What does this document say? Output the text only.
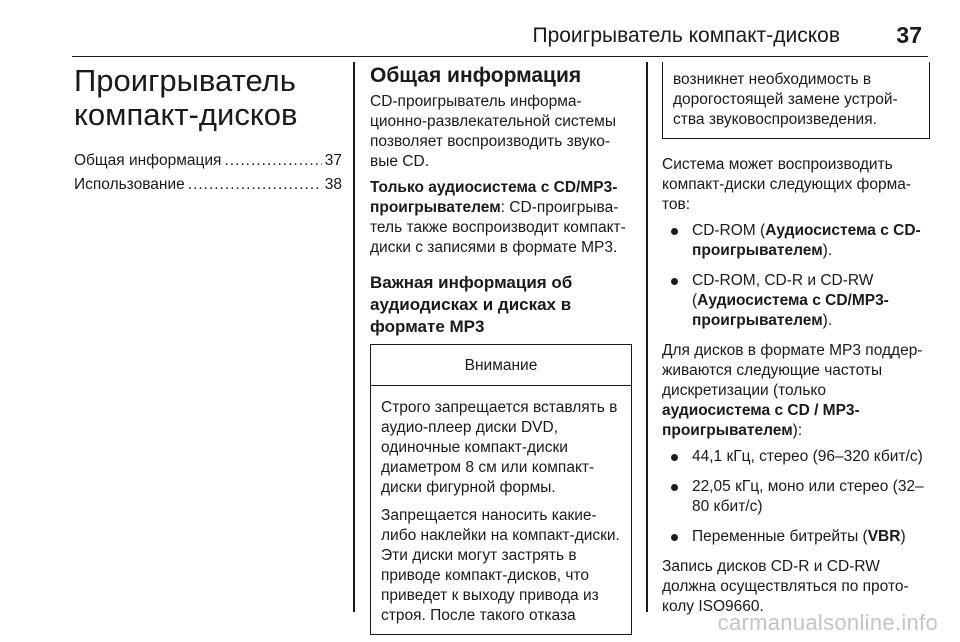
Проигрыватель компакт-дисков 37
Проигрыватель
компакт-дисков
Общая информация .....	37
Использование .....	38
Общая информация

CD-проигрыватель информа-ционно-развлекательной системы позволяет воспроизводить звуко-вые CD.

Только аудиосистема с CD/MP3-проигрывателем: CD-проигрыва-тель также воспроизводит компакт-диски с записями в формате MP3.

Важная информация об аудиодисках и дисках в формате MP3
Внимание

Строго запрещается вставлять в аудио-плеер диски DVD, одиночные компакт-диски диаметром 8 см или компакт-диски фигурной формы.

Запрещается наносить какие-либо наклейки на компакт-диски. Эти диски могут застрять в приводе компакт-дисков, что приведет к выходу привода из строя. После такого отказа

возникнет необходимость в дорогостоящей замене устрой-ства звуковоспроизведения.

Система может воспроизводить компакт-диски следующих форма-тов:

CD-ROM (Аудиосистема с CD-проигрывателем).
CD-ROM, CD-R и CD-RW (Аудиосистема с CD/MP3-проигрывателем).

Для дисков в формате MP3 поддер-живаются следующие частоты дискретизации (только аудиосистема с CD / MP3-проигрывателем):

44,1 кГц, стерео (96–320 кбит/с)
22,05 кГц, моно или стерео (32–80 кбит/с)
Переменные битрейты (VBR)

Запись дисков CD-R и CD-RW должна осуществляться по прото-колу ISO9660.

carmanualsonline.info
